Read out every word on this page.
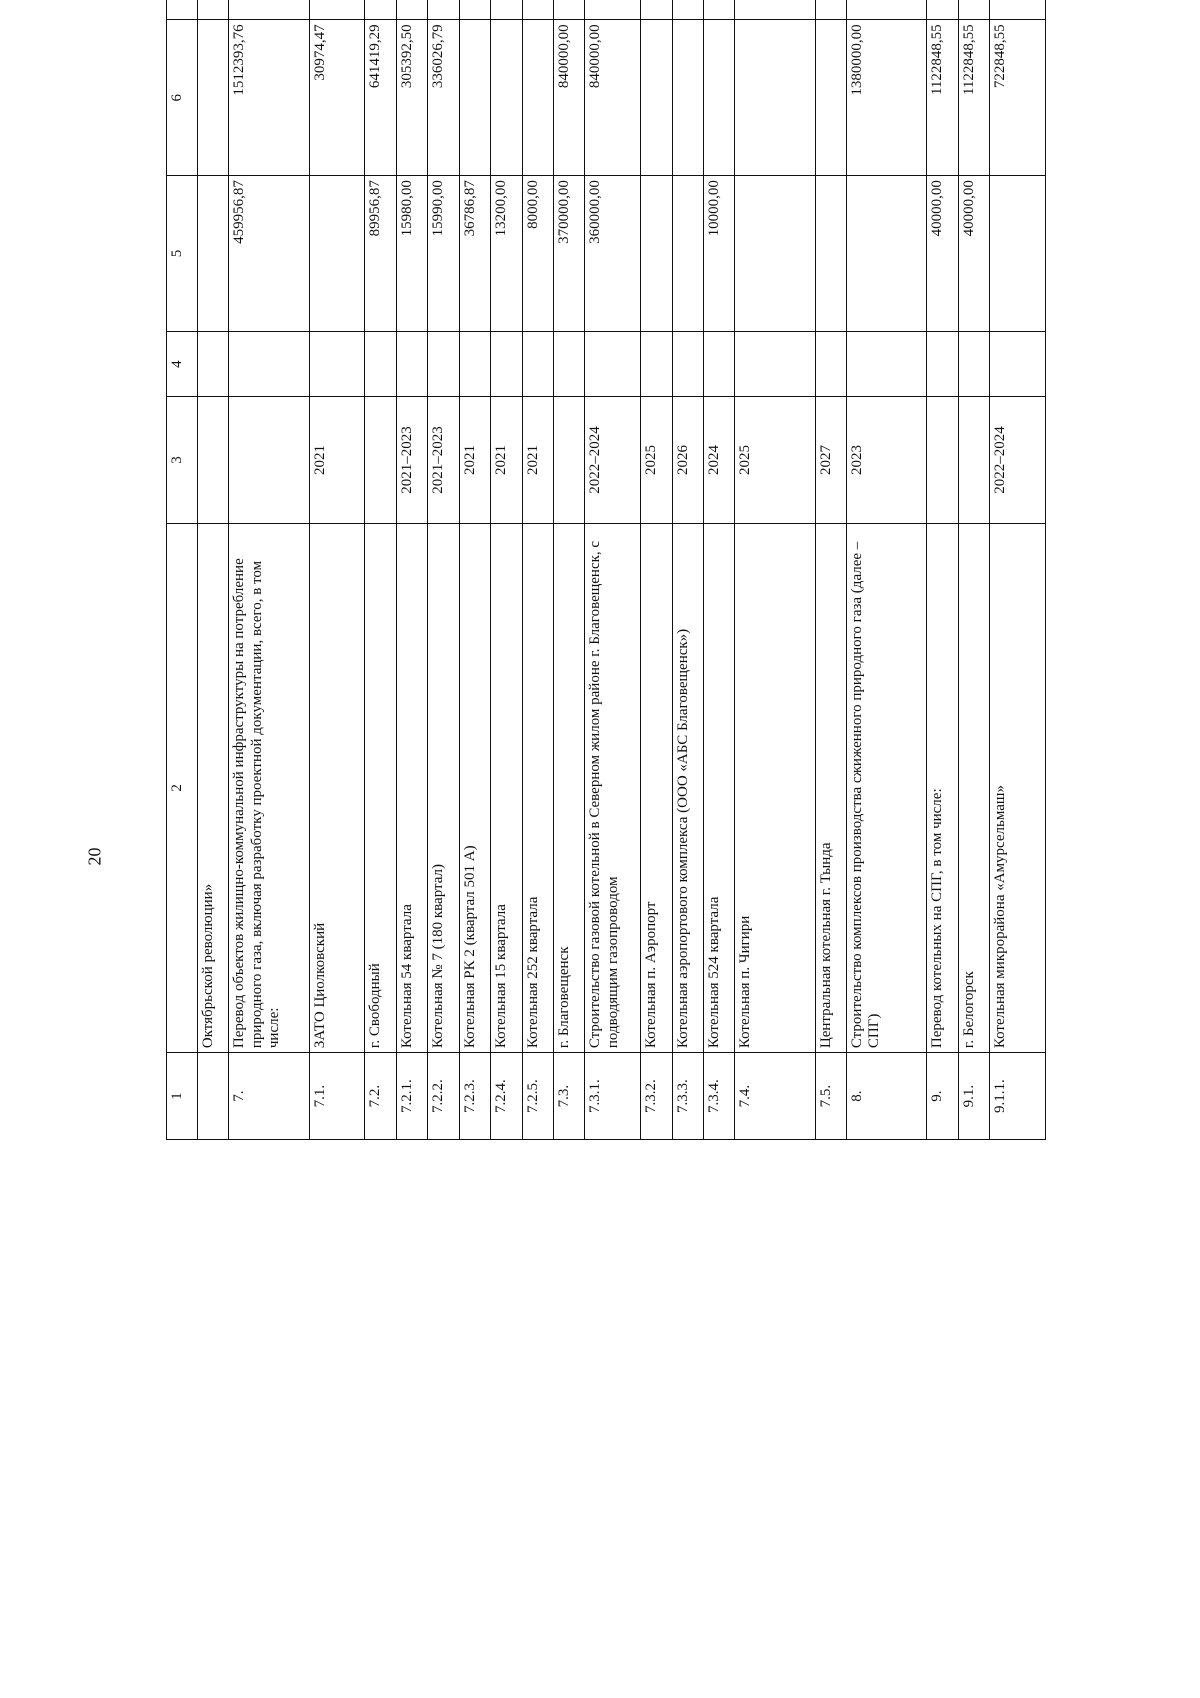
20
1	2	3	4	5	6			
	Октябрьской революции»							
7.	Перевод объектов жилищно-коммунальной инфраструктуры на потребление природного газа, включая разработку проектной документации, всего, в том числе:			459956,87	1512393,76			
7.1.	ЗАТО Циолковский	2021			30974,47			
7.2.	г. Свободный			89956,87	641419,29			
7.2.1.	Котельная 54 квартала	2021–2023		15980,00	305392,50			
7.2.2.	Котельная № 7 (180 квартал)	2021–2023		15990,00	336026,79			
7.2.3.	Котельная РК 2 (квартал 501 А)	2021		36786,87				
7.2.4.	Котельная 15 квартала	2021		13200,00				
7.2.5.	Котельная 252 квартала	2021		8000,00				
7.3.	г. Благовещенск			370000,00	840000,00			
7.3.1.	Строительство газовой котельной в Северном жилом районе г. Благовещенск, с подводящим газопроводом	2022–2024		360000,00	840000,00			
7.3.2.	Котельная п. Аэропорт	2025						
7.3.3.	Котельная аэропортового комплекса (ООО «АБС Благовещенск»)	2026						
7.3.4.	Котельная 524 квартала	2024		10000,00				
7.4.	Котельная п. Чигири	2025						
7.5.	Центральная котельная г. Тында	2027						
8.	Строительство комплексов производства сжиженного природного газа (далее – СПГ)	2023			1380000,00			
9.	Перевод котельных на СПГ, в том числе:			40000,00	1122848,55			
9.1.	г. Белогорск			40000,00	1122848,55			
9.1.1.	Котельная микрорайона «Амурсельмаш»	2022–2024			722848,55			
